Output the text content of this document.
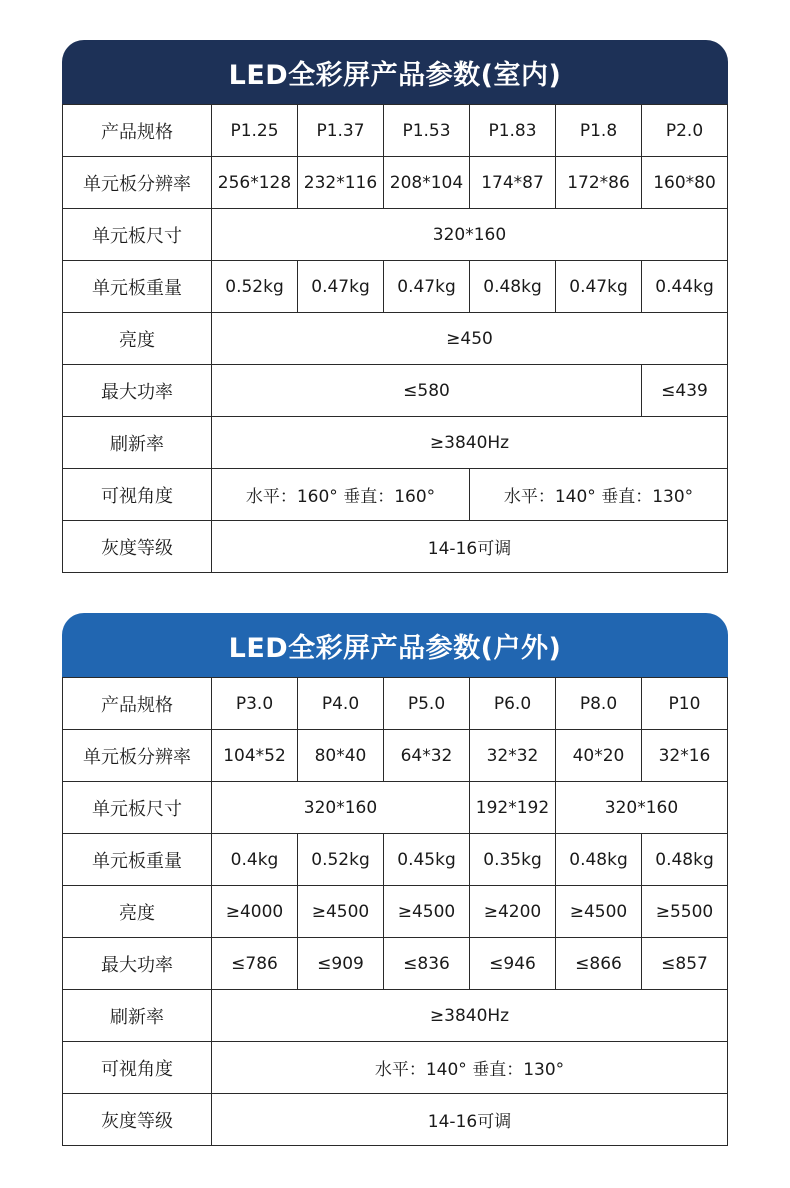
LED全彩屏产品参数(室内)
产品规格	P1.25	P1.37	P1.53	P1.83	P1.8	P2.0
单元板分辨率	256*128	232*116	208*104	174*87	172*86	160*80
单元板尺寸	320*160					
单元板重量	0.52kg	0.47kg	0.47kg	0.48kg	0.47kg	0.44kg
亮度	≥450					
最大功率	≤580					≤439
刷新率	≥3840Hz					
可视角度	水平：160° 垂直：160°			水平：140° 垂直：130°		
灰度等级	14-16可调					
LED全彩屏产品参数(户外)
产品规格	P3.0	P4.0	P5.0	P6.0	P8.0	P10
单元板分辨率	104*52	80*40	64*32	32*32	40*20	32*16
单元板尺寸	320*160			192*192	320*160	
单元板重量	0.4kg	0.52kg	0.45kg	0.35kg	0.48kg	0.48kg
亮度	≥4000	≥4500	≥4500	≥4200	≥4500	≥5500
最大功率	≤786	≤909	≤836	≤946	≤866	≤857
刷新率	≥3840Hz					
可视角度	水平：140° 垂直：130°					
灰度等级	14-16可调					
